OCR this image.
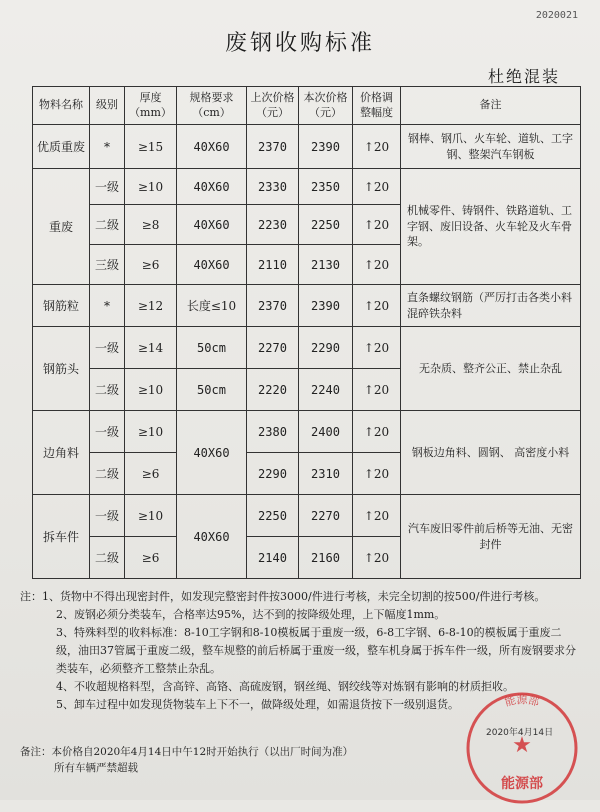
2020021
废钢收购标准
杜绝混装
物料名称	级别	厚度（mm）	规格要求（cm）	上次价格（元）	本次价格（元）	价格调整幅度	备注
优质重废	*	≥15	40X60	2370	2390	↑20	钢棒、钢爪、火车轮、道轨、工字钢、整架汽车钢板
重废	一级	≥10	40X60	2330	2350	↑20	机械零件、铸钢件、铁路道轨、工字钢、废旧设备、火车轮及火车骨架。
	二级	≥8	40X60	2230	2250	↑20	
	三级	≥6	40X60	2110	2130	↑20	
钢筋粒	*	≥12	长度≤10	2370	2390	↑20	直条螺纹钢筋（严厉打击各类小料混碎铁杂料
钢筋头	一级	≥14	50cm	2270	2290	↑20	无杂质、整齐公正、禁止杂乱
	二级	≥10	50cm	2220	2240	↑20	
边角料	一级	≥10	40X60	2380	2400	↑20	钢板边角料、圆钢、 高密度小料
	二级	≥6		2290	2310	↑20	
拆车件	一级	≥10	40X60	2250	2270	↑20	汽车废旧零件前后桥等无油、无密封件
	二级	≥6		2140	2160	↑20	

注：1、货物中不得出现密封件，如发现完整密封件按3000/件进行考核，未完全切割的按500/件进行考核。

2、废钢必须分类装车，合格率达95%，达不到的按降级处理，上下幅度1mm。

3、特殊料型的收料标准：8-10工字钢和8-10模板属于重废一级，6-8工字钢、6-8-10的模板属于重废二级，油田37管属于重废二级，整车规整的前后桥属于重废一级，整车机身属于拆车件一级，所有废钢要求分类装车，必须整齐工整禁止杂乱。

4、不收超规格料型，含高锌、高铬、高硫废钢，钢丝绳、钢绞线等对炼钢有影响的材质拒收。

5、卸车过程中如发现货物装车上下不一，做降级处理，如需退货按下一级别退货。

备注：本价格自2020年4月14日中午12时开始执行（以出厂时间为准）
所有车辆严禁超载
能源部
★
能源部
2020年4月14日
